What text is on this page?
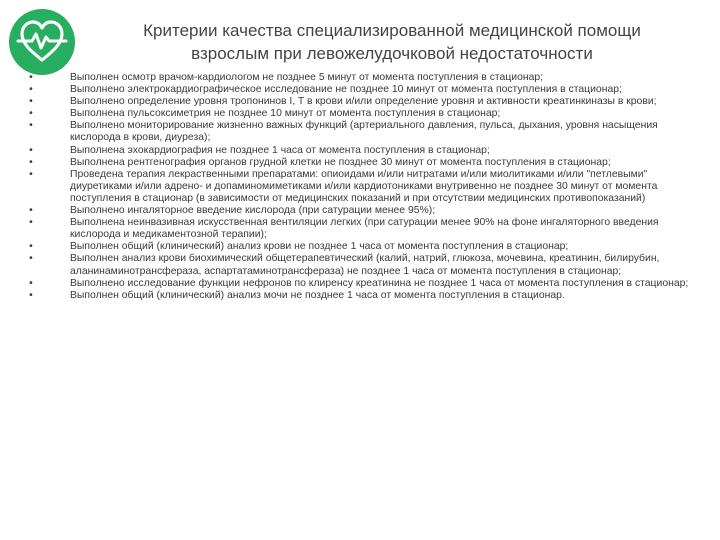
Критерии качества специализированной медицинской помощи
взрослым при левожелудочковой недостаточности
•	Выполнен осмотр врачом-кардиологом не позднее 5 минут от момента поступления в стационар;
•	Выполнено электрокардиографическое исследование не позднее 10 минут от момента поступления в стационар;
•	Выполнено определение уровня тропонинов I, T в крови и/или определение уровня и активности креатинкиназы в крови;
•	Выполнена пульсоксиметрия не позднее 10 минут от момента поступления в стационар;
•	Выполнено мониторирование жизненно важных функций (артериального давления, пульса, дыхания, уровня насыщения кислорода в крови, диуреза);
•	Выполнена эхокардиография не позднее 1 часа от момента поступления в стационар;
•	Выполнена рентгенография органов грудной клетки не позднее 30 минут от момента поступления в стационар;
•	Проведена терапия лекраственными препаратами: опиоидами и/или нитратами и/или миолитиками и/или "петлевыми" диуретиками и/или адрено- и допаминомиметиками и/или кардиотониками внутривенно не позднее 30 минут от момента поступления в стационар (в зависимости от медицинских показаний и при отсутствии медицинских противопоказаний)
•	Выполнено ингаляторное введение кислорода (при сатурации менее 95%);
•	Выполнена неинвазивная искусственная вентиляции легких (при сатурации менее 90% на фоне ингаляторного введения кислорода и медикаментозной терапии);
•	Выполнен общий (клинический) анализ крови не позднее 1 часа от момента поступления в стационар;
•	Выполнен анализ крови биохимический общетерапевтический (калий, натрий, глюкоза, мочевина, креатинин, билирубин, аланинаминотрансфераза, аспартатаминотрансфераза) не позднее 1 часа от момента поступления в стационар;
•	Выполнено исследование функции нефронов по клиренсу креатинина не позднее 1 часа от момента поступления в стационар;
•	Выполнен общий (клинический) анализ мочи не позднее 1 часа от момента поступления в стационар.
